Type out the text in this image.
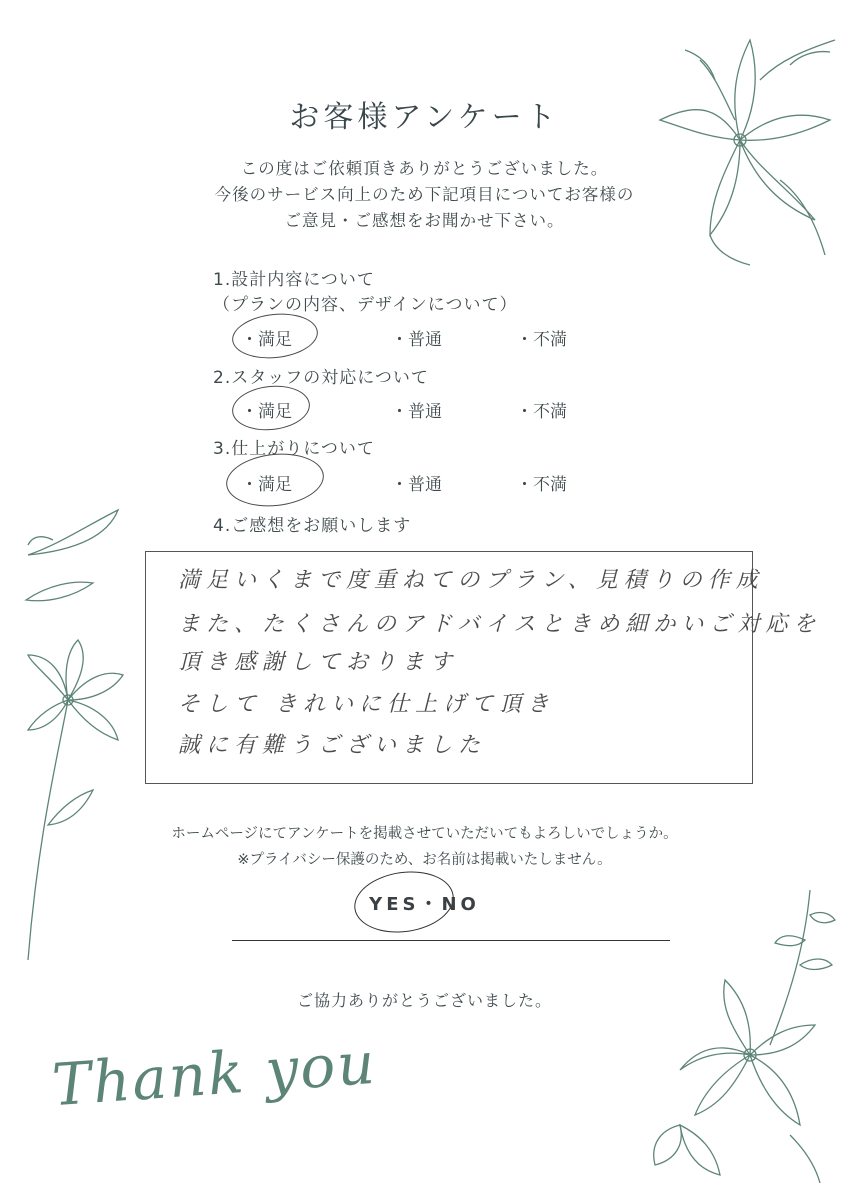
お客様アンケート
この度はご依頼頂きありがとうございました。
今後のサービス向上のため下記項目についてお客様の
ご意見・ご感想をお聞かせ下さい。
1.設計内容について
（プランの内容、デザインについて）
・満足	・普通	・不満
2.スタッフの対応について
・満足	・普通	・不満
3.仕上がりについて
・満足	・普通	・不満
4.ご感想をお願いします
満足いくまで度重ねてのプラン、見積りの作成
また、たくさんのアドバイスときめ細かいご対応を
頂き感謝しております
そして きれいに仕上げて頂き
誠に有難うございました
ホームページにてアンケートを掲載させていただいてもよろしいでしょうか。
※プライバシー保護のため、お名前は掲載いたしません。
YES・NO
ご協力ありがとうございました。
Thank you
